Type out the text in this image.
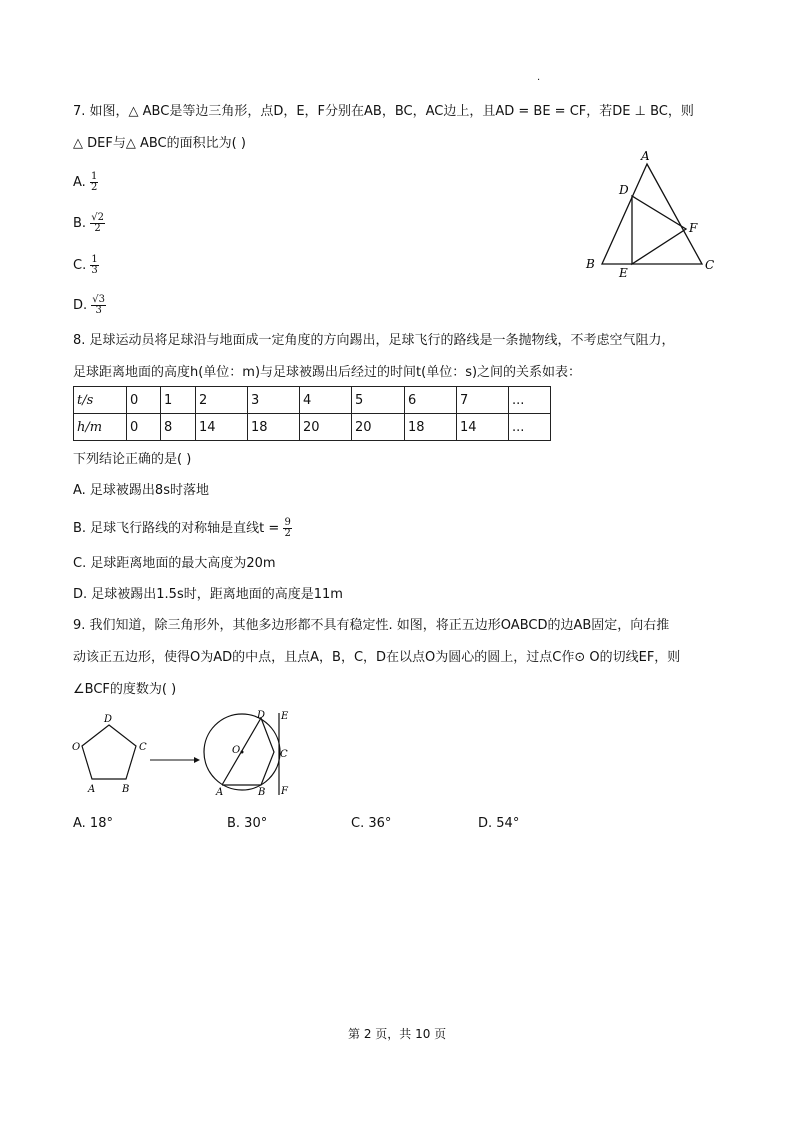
.
7. 如图，△ ABC是等边三角形，点D，E，F分别在AB，BC，AC边上，且AD = BE = CF，若DE ⊥ BC，则
△ DEF与△ ABC的面积比为( )
A. $\frac{1}{2}$
B. $\frac{√2}{2}$
C. $\frac{1}{3}$
D. $\frac{√3}{3}$
A
D
F
B
E
C
8. 足球运动员将足球沿与地面成一定角度的方向踢出，足球飞行的路线是一条抛物线，不考虑空气阻力，
足球距离地面的高度h(单位：m)与足球被踢出后经过的时间t(单位：s)之间的关系如表：
t/s	0	1	2	3	4	5	6	7	...
h/m	0	8	14	18	20	20	18	14	...
下列结论正确的是( )
A. 足球被踢出8s时落地
B. 足球飞行路线的对称轴是直线$t = \frac{9}{2}$
C. 足球距离地面的最大高度为20m
D. 足球被踢出1.5s时，距离地面的高度是11m
9. 我们知道，除三角形外，其他多边形都不具有稳定性. 如图，将正五边形OABCD的边AB固定，向右推
动该正五边形，使得O为AD的中点，且点A，B，C，D在以点O为圆心的圆上，过点C作⊙ O的切线EF，则
∠BCF的度数为( )
D
O	C
A	B
D E
O	C
A	B F
A. 18°	B. 30°	C. 36°	D. 54°
第 2 页，共 10 页
